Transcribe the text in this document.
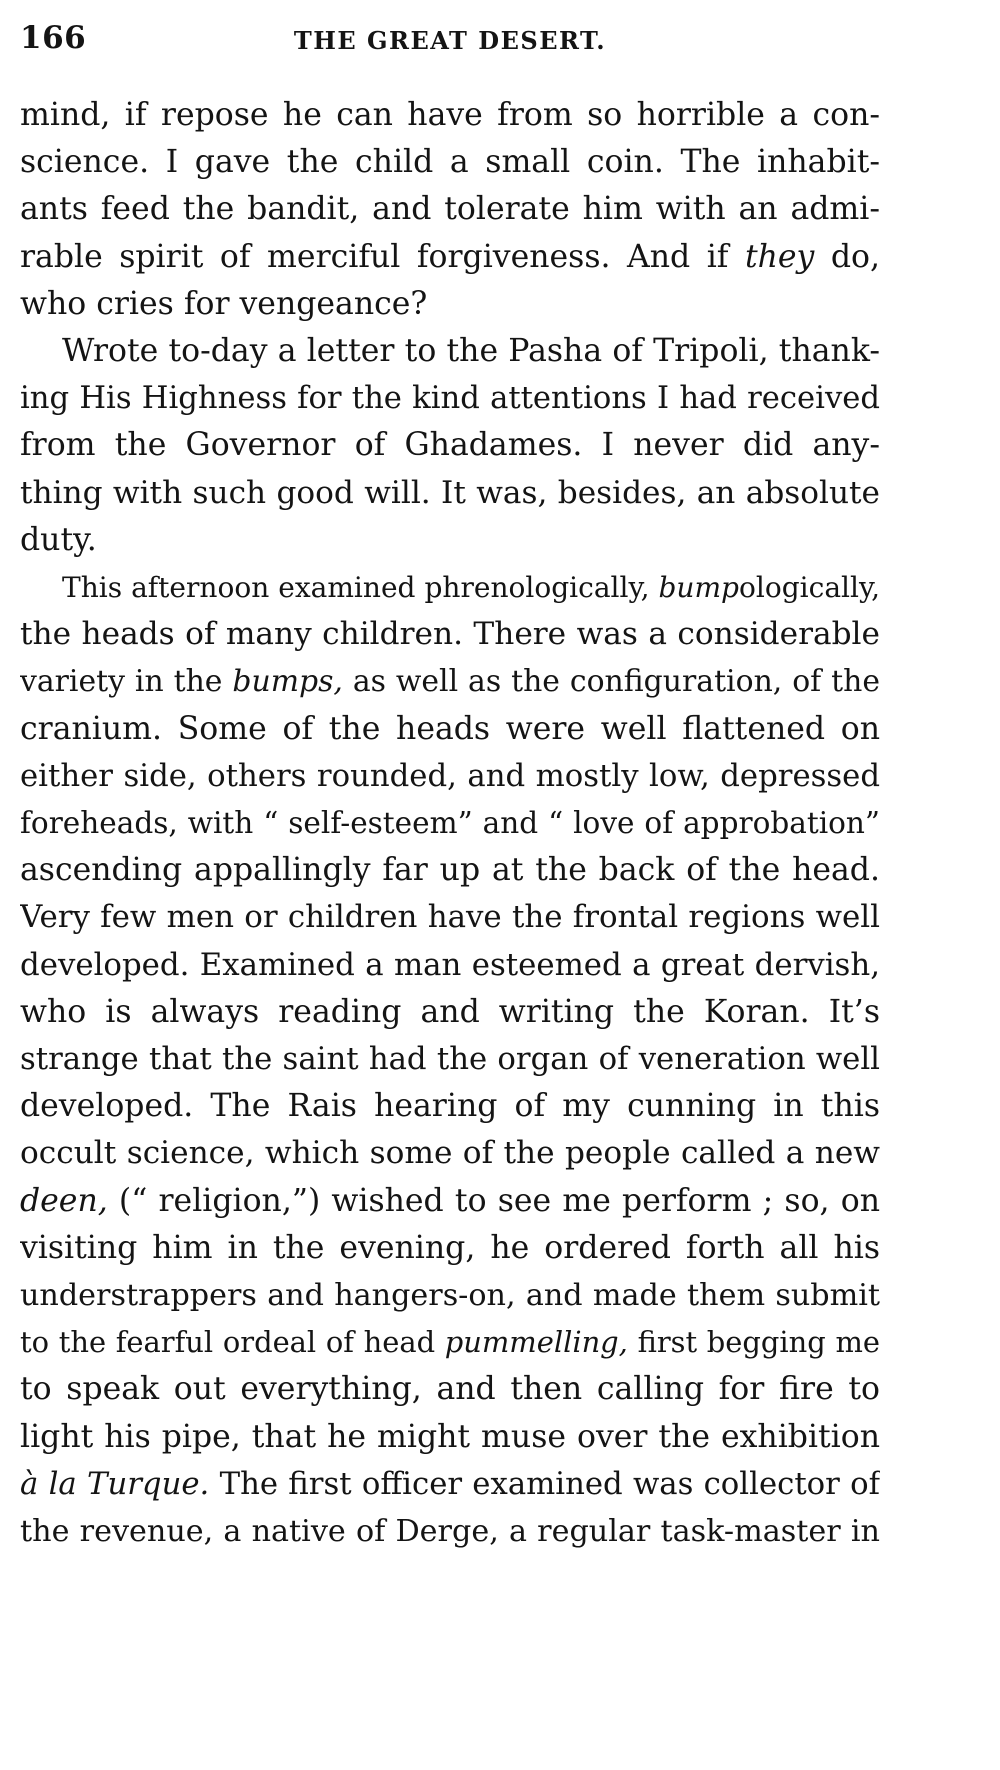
166	THE GREAT DESERT.
mind, if repose he can have from so horrible a con-
science. I gave the child a small coin. The inhabit-
ants feed the bandit, and tolerate him with an admi-
rable spirit of merciful forgiveness. And if they do,
who cries for vengeance?
Wrote to-day a letter to the Pasha of Tripoli, thank-
ing His Highness for the kind attentions I had received
from the Governor of Ghadames. I never did any-
thing with such good will. It was, besides, an absolute
duty.
This afternoon examined phrenologically, bumpologically,
the heads of many children. There was a considerable
variety in the bumps, as well as the configuration, of the
cranium. Some of the heads were well flattened on
either side, others rounded, and mostly low, depressed
foreheads, with “ self-esteem” and “ love of approbation”
ascending appallingly far up at the back of the head.
Very few men or children have the frontal regions well
developed. Examined a man esteemed a great dervish,
who is always reading and writing the Koran. It’s
strange that the saint had the organ of veneration well
developed. The Rais hearing of my cunning in this
occult science, which some of the people called a new
deen, (“ religion,”) wished to see me perform ; so, on
visiting him in the evening, he ordered forth all his
understrappers and hangers-on, and made them submit
to the fearful ordeal of head pummelling, first begging me
to speak out everything, and then calling for fire to
light his pipe, that he might muse over the exhibition
à la Turque. The first officer examined was collector of
the revenue, a native of Derge, a regular task-master in
